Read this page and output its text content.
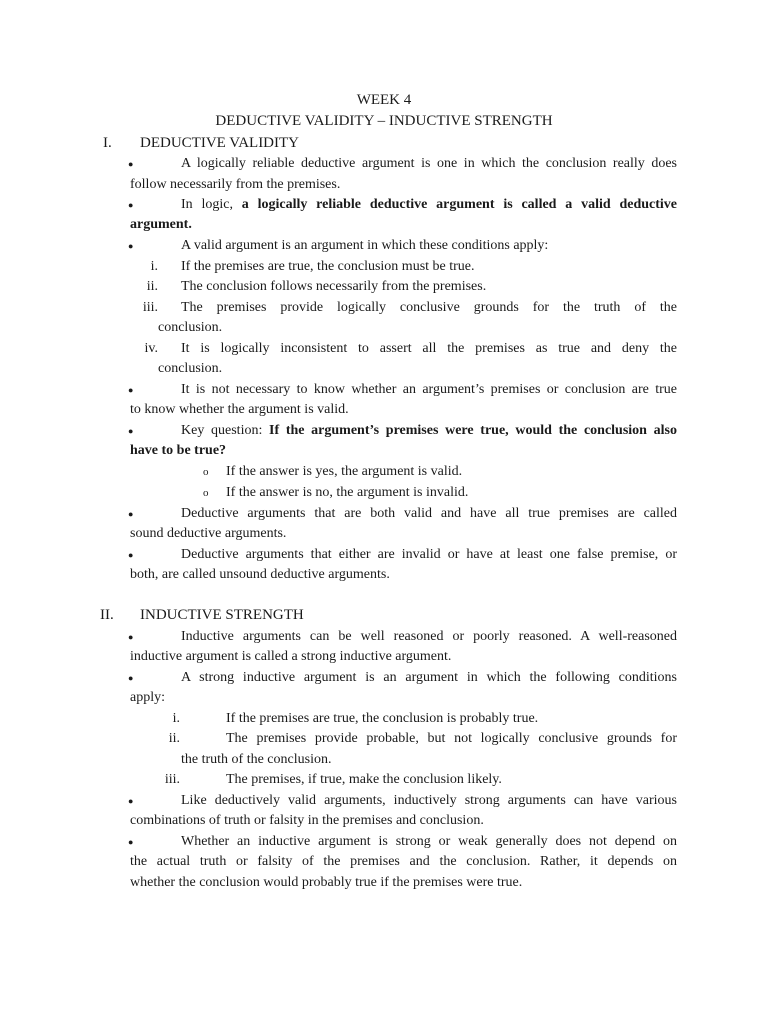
WEEK 4
DEDUCTIVE VALIDITY – INDUCTIVE STRENGTH
I. DEDUCTIVE VALIDITY
●	A logically reliable deductive argument is one in which the conclusion really does
follow necessarily from the premises.
●	In logic, a logically reliable deductive argument is called a valid deductive
argument.
●	A valid argument is an argument in which these conditions apply:
i. If the premises are true, the conclusion must be true.
ii. The conclusion follows necessarily from the premises.
iii. The premises provide logically conclusive grounds for the truth of the
conclusion.
iv. It is logically inconsistent to assert all the premises as true and deny the
conclusion.
●	It is not necessary to know whether an argument’s premises or conclusion are true
to know whether the argument is valid.
●	Key question: If the argument’s premises were true, would the conclusion also
have to be true?
o If the answer is yes, the argument is valid.
o If the answer is no, the argument is invalid.
●	Deductive arguments that are both valid and have all true premises are called
sound deductive arguments.
●	Deductive arguments that either are invalid or have at least one false premise, or
both, are called unsound deductive arguments.
II. INDUCTIVE STRENGTH
●	Inductive arguments can be well reasoned or poorly reasoned. A well-reasoned
inductive argument is called a strong inductive argument.
●	A strong inductive argument is an argument in which the following conditions
apply:
i.	If the premises are true, the conclusion is probably true.
ii.	The premises provide probable, but not logically conclusive grounds for
the truth of the conclusion.
iii.	The premises, if true, make the conclusion likely.
●	Like deductively valid arguments, inductively strong arguments can have various
combinations of truth or falsity in the premises and conclusion.
●	Whether an inductive argument is strong or weak generally does not depend on
the actual truth or falsity of the premises and the conclusion. Rather, it depends on
whether the conclusion would probably true if the premises were true.
